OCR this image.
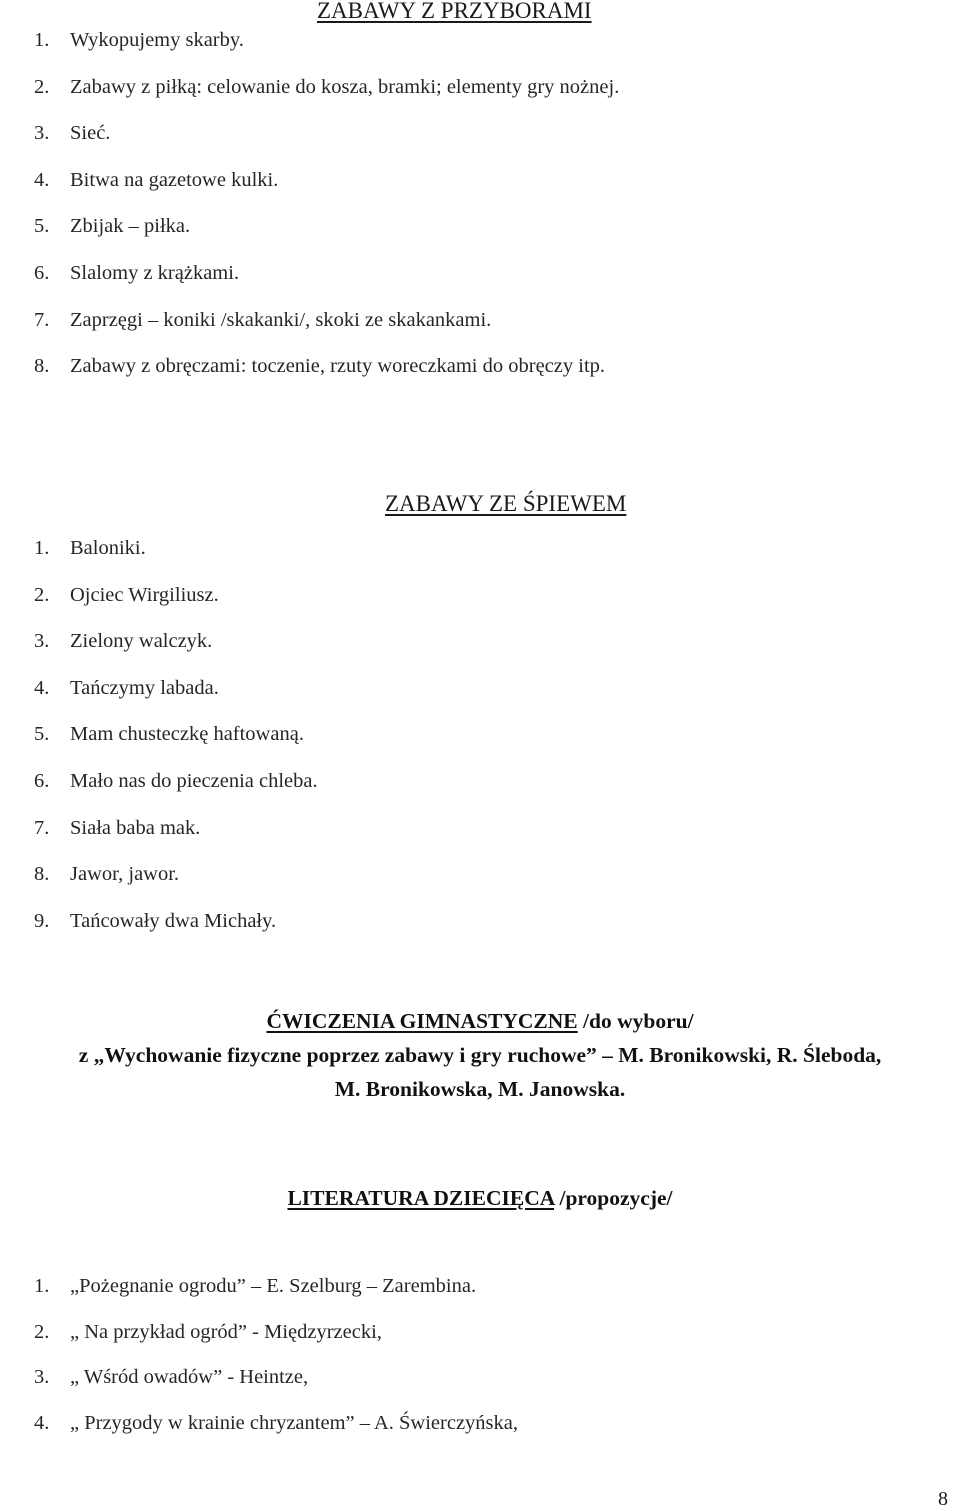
ZABAWY Z PRZYBORAMI
1. Wykopujemy skarby.
2. Zabawy z piłką: celowanie do kosza, bramki; elementy gry nożnej.
3. Sieć.
4. Bitwa na gazetowe kulki.
5. Zbijak – piłka.
6. Slalomy z krążkami.
7. Zaprzęgi – koniki /skakanki/, skoki ze skakankami.
8. Zabawy z obręczami: toczenie, rzuty woreczkami do obręczy itp.
ZABAWY ZE ŚPIEWEM
1. Baloniki.
2. Ojciec Wirgiliusz.
3. Zielony walczyk.
4. Tańczymy labada.
5. Mam chusteczkę haftowaną.
6. Mało nas do pieczenia chleba.
7. Siała baba mak.
8. Jawor, jawor.
9. Tańcowały dwa Michały.
ĆWICZENIA GIMNASTYCZNE /do wyboru/
z „Wychowanie fizyczne poprzez zabawy i gry ruchowe” – M. Bronikowski, R. Śleboda,
M. Bronikowska, M. Janowska.
LITERATURA DZIECIĘCA /propozycje/
1. „Pożegnanie ogrodu” – E. Szelburg – Zarembina.
2. „ Na przykład ogród” - Międzyrzecki,
3. „ Wśród owadów” - Heintze,
4. „ Przygody w krainie chryzantem” – A. Świerczyńska,
8
